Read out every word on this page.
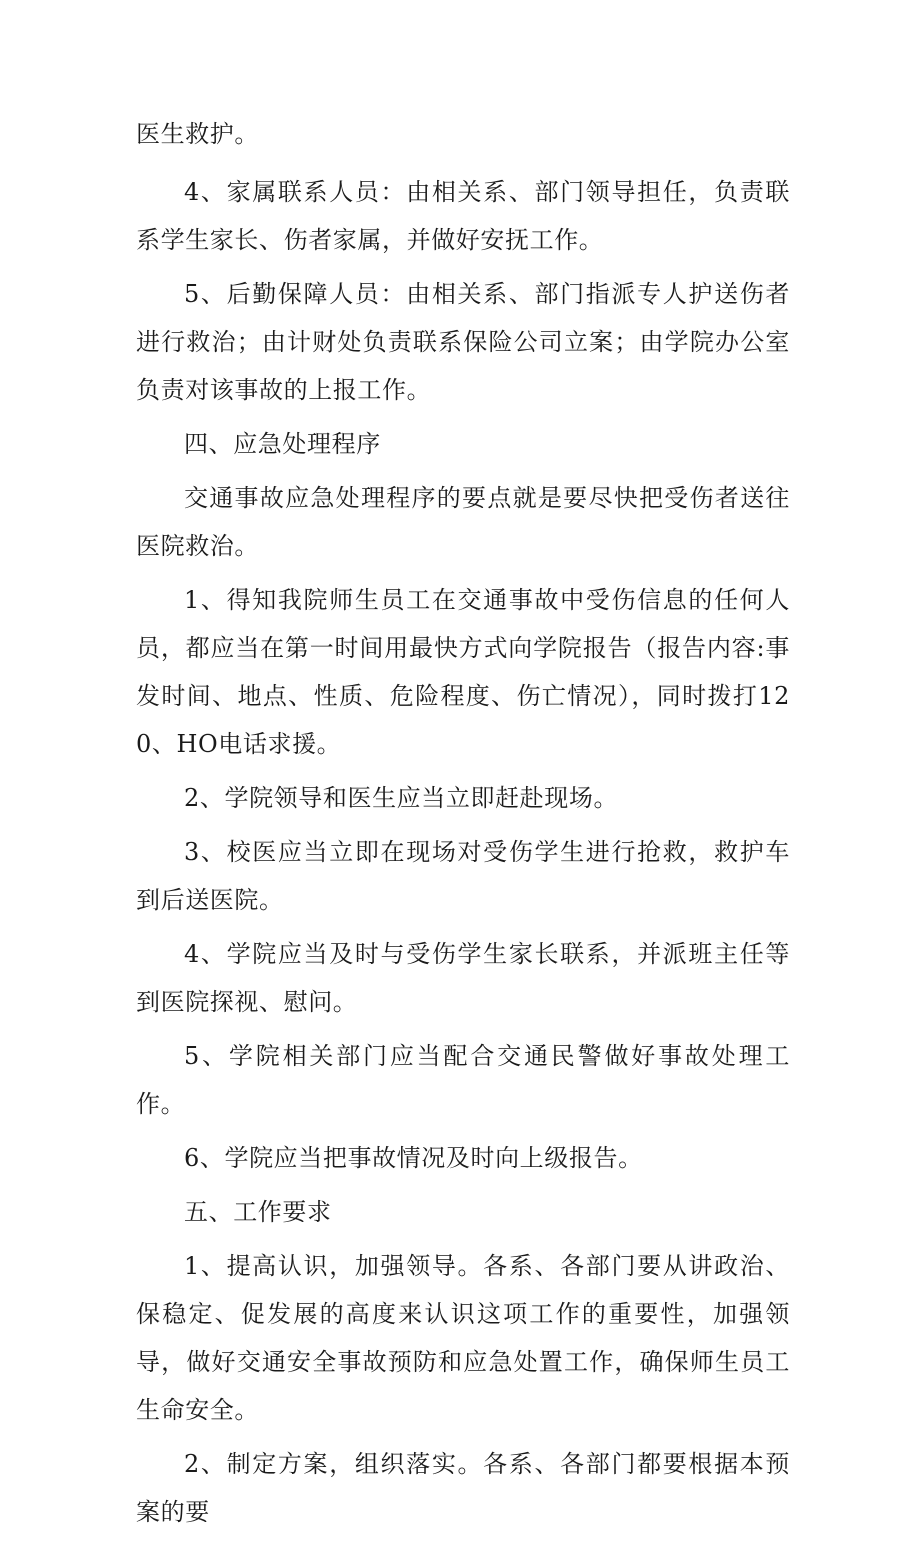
医生救护。

4、家属联系人员：由相关系、部门领导担任，负责联系学生家长、伤者家属，并做好安抚工作。

5、后勤保障人员：由相关系、部门指派专人护送伤者进行救治；由计财处负责联系保险公司立案；由学院办公室负责对该事故的上报工作。

四、应急处理程序

交通事故应急处理程序的要点就是要尽快把受伤者送往医院救治。

1、得知我院师生员工在交通事故中受伤信息的任何人员，都应当在第一时间用最快方式向学院报告（报告内容:事发时间、地点、性质、危险程度、伤亡情况），同时拨打120、HO电话求援。

2、学院领导和医生应当立即赶赴现场。

3、校医应当立即在现场对受伤学生进行抢救，救护车到后送医院。

4、学院应当及时与受伤学生家长联系，并派班主任等到医院探视、慰问。

5、学院相关部门应当配合交通民警做好事故处理工作。

6、学院应当把事故情况及时向上级报告。

五、工作要求

1、提高认识，加强领导。各系、各部门要从讲政治、保稳定、促发展的高度来认识这项工作的重要性，加强领导，做好交通安全事故预防和应急处置工作，确保师生员工生命安全。

2、制定方案，组织落实。各系、各部门都要根据本预案的要
